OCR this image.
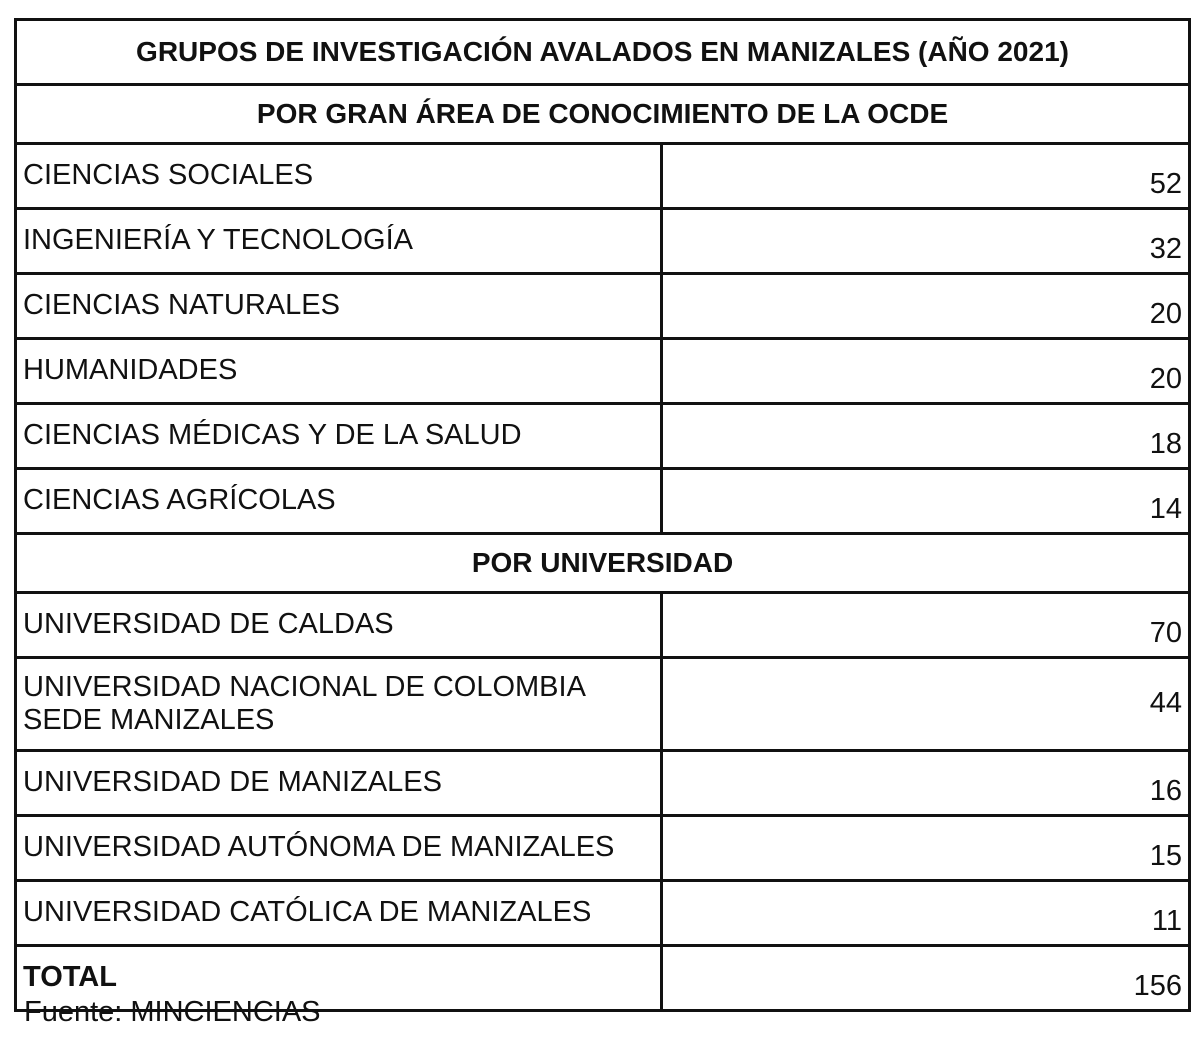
GRUPOS DE INVESTIGACIÓN AVALADOS EN MANIZALES (AÑO 2021)	
POR GRAN ÁREA DE CONOCIMIENTO DE LA OCDE	
CIENCIAS SOCIALES	52
INGENIERÍA Y TECNOLOGÍA	32
CIENCIAS NATURALES	20
HUMANIDADES	20
CIENCIAS MÉDICAS Y DE LA SALUD	18
CIENCIAS AGRÍCOLAS	14
POR UNIVERSIDAD	
UNIVERSIDAD DE CALDAS	70
UNIVERSIDAD NACIONAL DE COLOMBIA SEDE MANIZALES	44
UNIVERSIDAD DE MANIZALES	16
UNIVERSIDAD AUTÓNOMA DE MANIZALES	15
UNIVERSIDAD CATÓLICA DE MANIZALES	11
TOTAL	156
Fuente: MINCIENCIAS
